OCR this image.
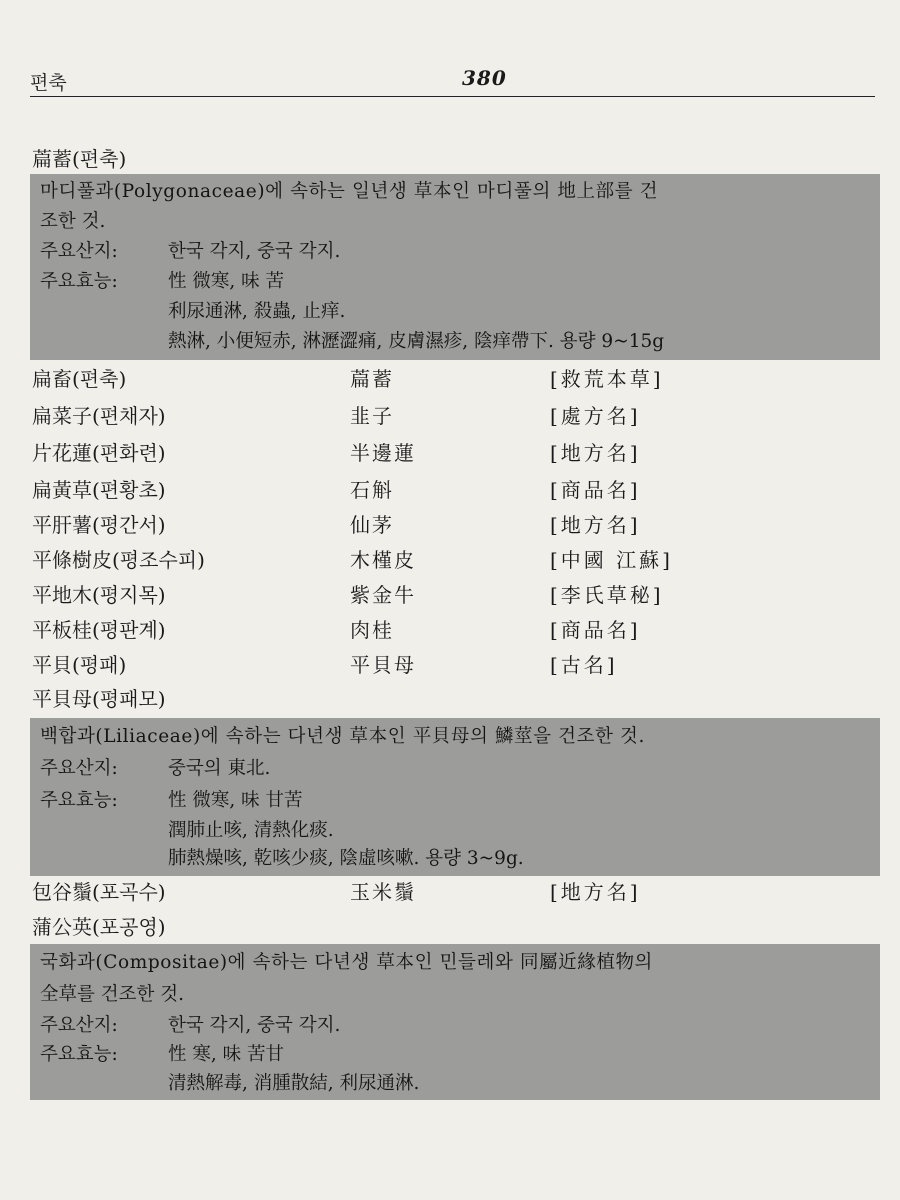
편축	380
萹蓄(편축)
마디풀과(Polygonaceae)에 속하는 일년생 草本인 마디풀의 地上部를 건
조한 것.
주요산지:	한국 각지, 중국 각지.
주요효능:	性 微寒, 味 苦
利尿通淋, 殺蟲, 止痒.
熱淋, 小便短赤, 淋瀝澀痛, 皮膚濕疹, 陰痒帶下. 용량 9~15g
扁畜(편축)	萹蓄	[救荒本草]
扁菜子(편채자)	韭子	[處方名]
片花蓮(편화련)	半邊蓮	[地方名]
扁黃草(편황초)	石斛	[商品名]
平肝薯(평간서)	仙茅	[地方名]
平條樹皮(평조수피)	木槿皮	[中國 江蘇]
平地木(평지목)	紫金牛	[李氏草秘]
平板桂(평판계)	肉桂	[商品名]
平貝(평패)	平貝母	[古名]
平貝母(평패모)
백합과(Liliaceae)에 속하는 다년생 草本인 平貝母의 鱗莖을 건조한 것.
주요산지:	중국의 東北.
주요효능:	性 微寒, 味 甘苦
潤肺止咳, 清熱化痰.
肺熱燥咳, 乾咳少痰, 陰虛咳嗽. 용량 3~9g.
包谷鬚(포곡수)	玉米鬚	[地方名]
蒲公英(포공영)
국화과(Compositae)에 속하는 다년생 草本인 민들레와 同屬近緣植物의
全草를 건조한 것.
주요산지:	한국 각지, 중국 각지.
주요효능:	性 寒, 味 苦甘
清熱解毒, 消腫散結, 利尿通淋.
